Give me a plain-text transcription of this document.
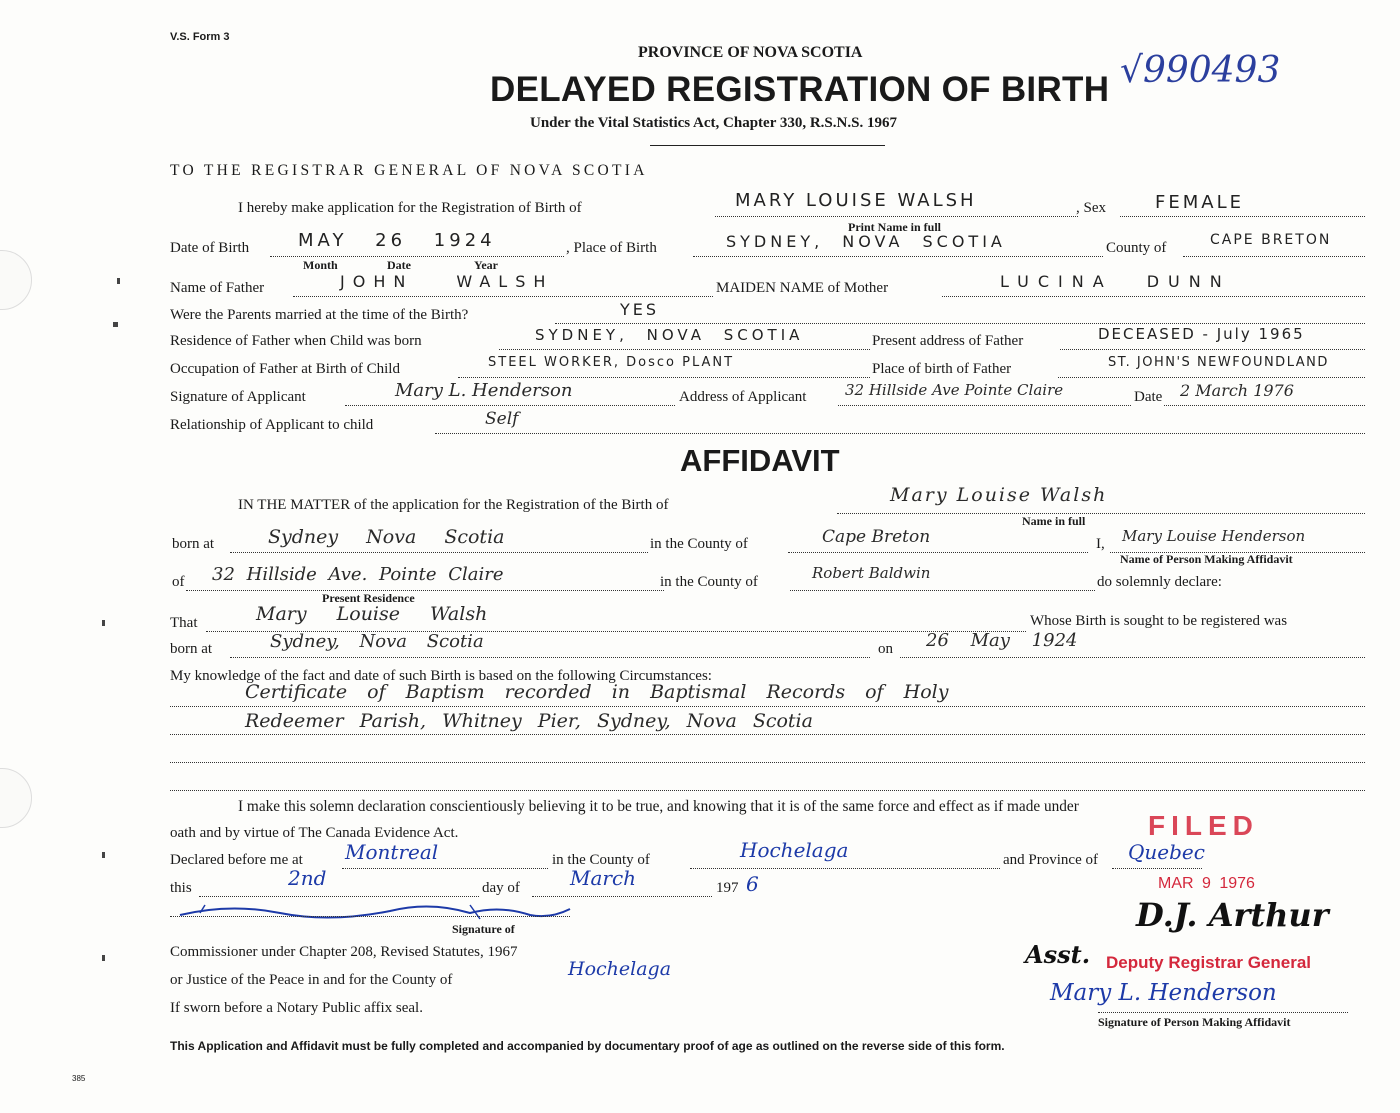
V.S. Form 3
PROVINCE OF NOVA SCOTIA
DELAYED REGISTRATION OF BIRTH
Under the Vital Statistics Act, Chapter 330, R.S.N.S. 1967
√990493
TO THE REGISTRAR GENERAL OF NOVA SCOTIA
I hereby make application for the Registration of Birth of	MARY LOUISE WALSH
Print Name in full
, Sex	FEMALE
Date of Birth	MAY 26 1924
Month	Date	Year
, Place of Birth	SYDNEY, NOVA SCOTIA	County of	CAPE BRETON
Name of Father	JOHN WALSH	MAIDEN NAME of Mother	LUCINA DUNN
Were the Parents married at the time of the Birth?	YES
Residence of Father when Child was born	SYDNEY, NOVA SCOTIA	Present address of Father	DECEASED - July 1965
Occupation of Father at Birth of Child	STEEL WORKER, Dosco PLANT	Place of birth of Father	ST. JOHN'S NEWFOUNDLAND
Signature of Applicant	Mary L. Henderson	Address of Applicant	32 Hillside Ave Pointe Claire	Date 2 March 1976
Relationship of Applicant to child	Self
AFFIDAVIT
IN THE MATTER of the application for the Registration of the Birth of	Mary Louise Walsh
Name in full
born at	Sydney Nova Scotia	in the County of	Cape Breton	I, Mary Louise Henderson
Name of Person Making Affidavit
of 32 Hillside Ave. Pointe Claire
Present Residence
in the County of	Robert Baldwin	do solemnly declare:
That	Mary Louise Walsh	Whose Birth is sought to be registered was
born at	Sydney, Nova Scotia	on 26 May 1924
My knowledge of the fact and date of such Birth is based on the following Circumstances:
Certificate of Baptism recorded in Baptismal Records of Holy
Redeemer Parish, Whitney Pier, Sydney, Nova Scotia
I make this solemn declaration conscientiously believing it to be true, and knowing that it is of the same force and effect as if made under
oath and by virtue of The Canada Evidence Act.
Declared before me at Montreal	in the County of	Hochelaga	and Province of Quebec
this	2nd	day of	March	197 6
Signature of
Commissioner under Chapter 208, Revised Statutes, 1967
or Justice of the Peace in and for the County of	Hochelaga
If sworn before a Notary Public affix seal.
FILED
MAR 9 1976
D.J. Arthur
Asst. Deputy Registrar General
Mary L. Henderson
Signature of Person Making Affidavit
This Application and Affidavit must be fully completed and accompanied by documentary proof of age as outlined on the reverse side of this form.
385
